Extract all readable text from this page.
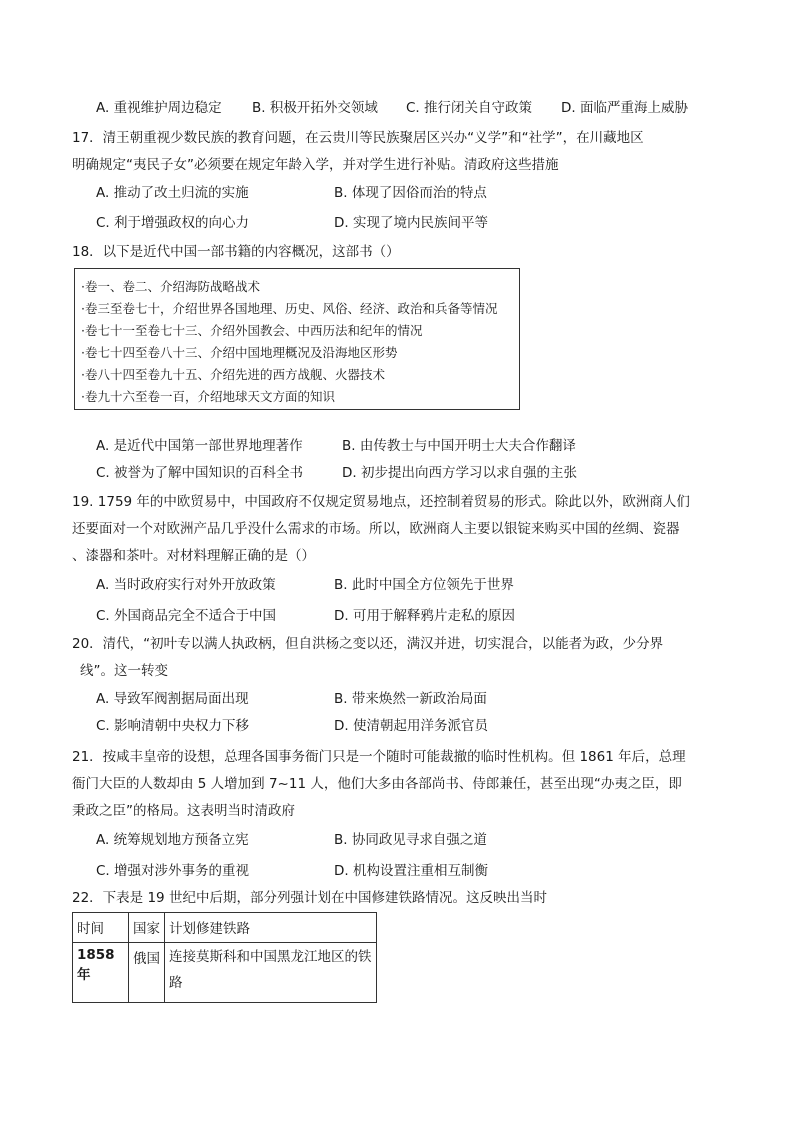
A. 重视维护周边稳定 B. 积极开拓外交领域 C. 推行闭关自守政策 D. 面临严重海上威胁
17．清王朝重视少数民族的教育问题，在云贵川等民族聚居区兴办“义学”和“社学”，在川藏地区
明确规定“夷民子女”必须要在规定年龄入学，并对学生进行补贴。清政府这些措施
A. 推动了改土归流的实施	B. 体现了因俗而治的特点
C. 利于增强政权的向心力	D. 实现了境内民族间平等
18．以下是近代中国一部书籍的内容概况，这部书（）
·卷一、卷二、介绍海防战略战术
·卷三至卷七十，介绍世界各国地理、历史、风俗、经济、政治和兵备等情况
·卷七十一至卷七十三、介绍外国教会、中西历法和纪年的情况
·卷七十四至卷八十三、介绍中国地理概况及沿海地区形势
·卷八十四至卷九十五、介绍先进的西方战舰、火器技术
·卷九十六至卷一百，介绍地球天文方面的知识
A. 是近代中国第一部世界地理著作	B. 由传教士与中国开明士大夫合作翻译
C. 被誉为了解中国知识的百科全书	D. 初步提出向西方学习以求自强的主张
19. 1759 年的中欧贸易中，中国政府不仅规定贸易地点，还控制着贸易的形式。除此以外，欧洲商人们
还要面对一个对欧洲产品几乎没什么需求的市场。所以，欧洲商人主要以银锭来购买中国的丝绸、瓷器
、漆器和茶叶。对材料理解正确的是（）
A. 当时政府实行对外开放政策	B. 此时中国全方位领先于世界
C. 外国商品完全不适合于中国	D. 可用于解释鸦片走私的原因
20．清代，“初叶专以满人执政柄，但自洪杨之变以还，满汉并进，切实混合，以能者为政，少分界
线”。这一转变
A. 导致军阀割据局面出现	B. 带来焕然一新政治局面
C. 影响清朝中央权力下移	D. 使清朝起用洋务派官员
21．按咸丰皇帝的设想，总理各国事务衙门只是一个随时可能裁撤的临时性机构。但 1861 年后，总理
衙门大臣的人数却由 5 人增加到 7~11 人，他们大多由各部尚书、侍郎兼任，甚至出现“办夷之臣，即
秉政之臣”的格局。这表明当时清政府
A. 统筹规划地方预备立宪	B. 协同政见寻求自强之道
C. 增强对涉外事务的重视	D. 机构设置注重相互制衡
22．下表是 19 世纪中后期，部分列强计划在中国修建铁路情况。这反映出当时
时间	国家	计划修建铁路
1858 年	俄国	连接莫斯科和中国黑龙江地区的铁路
